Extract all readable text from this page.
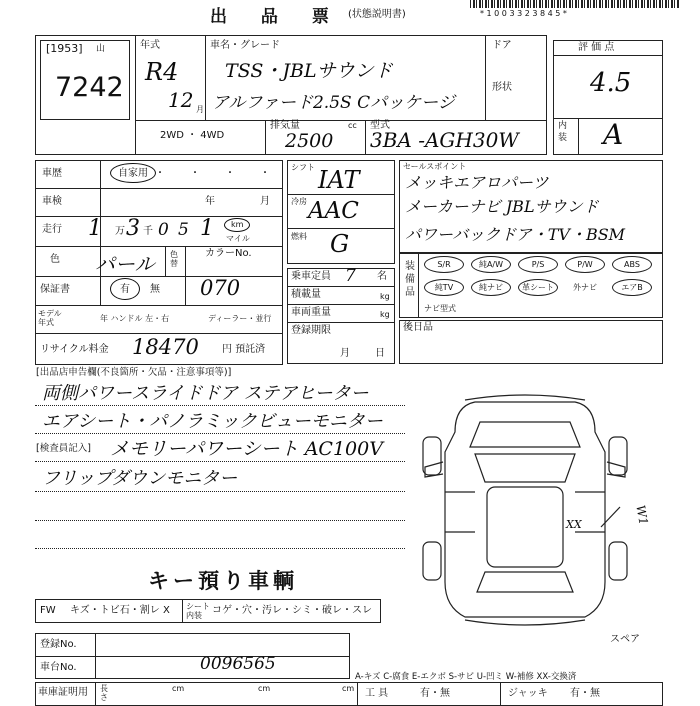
出 品 票 (状態説明書)	* 1 0 0 3 3 2 3 8 4 5 *
[1953] 山
7242
年式
R4
12 月
車名・グレード
TSS・JBLサウンド
アルファード2.5S Cパッケージ
ドア
形状
2WD ・ 4WD
排気量	cc
2500
型式
3BA -AGH30W
評 価 点
4.5
内装 A
車歴	自家用 ・	・	・	・
車検	年	月
走行 1 万 3 千 0 5 1 km
マイル
色 パール 色替
カラーNo.
070
保証書	有 無
モデル年式	年 ハンドル 左・右	ディーラー・並行
リサイクル料金 18470 円 預託済
シフト IAT
冷房 AAC
燃料 G
乗車定員 7 名
積載量	kg
車両重量	kg
登録期限
月	日
セールスポイント
メッキエアロパーツ
メーカーナビ JBLサウンド
パワーバックドア・TV・BSM
装備品
S/R	純A/W	P/S	P/W	ABS
純TV	純ナビ	革シート	外ナビ	エアB
ナビ型式
後日品
[出品店申告欄(不良箇所・欠品・注意事項等)]
両側パワースライドドア ステアヒーター
エアシート・パノラミックビューモニター
[検査員記入] メモリーパワーシート AC100V
フリップダウンモニター
キー預り車輌
XX	W1
スペア
FW キズ・トビ石・割レ X シート内装	コゲ・穴・汚レ・シミ・破レ・スレ
登録No.
車台No.	0096565
A-キズ C-腐食 E-エクボ S-サビ U-凹ミ W-補修 XX-交換済
車庫証明用 長さ
cm	cm	cm 工 具	有・無	ジャッキ 有・無
